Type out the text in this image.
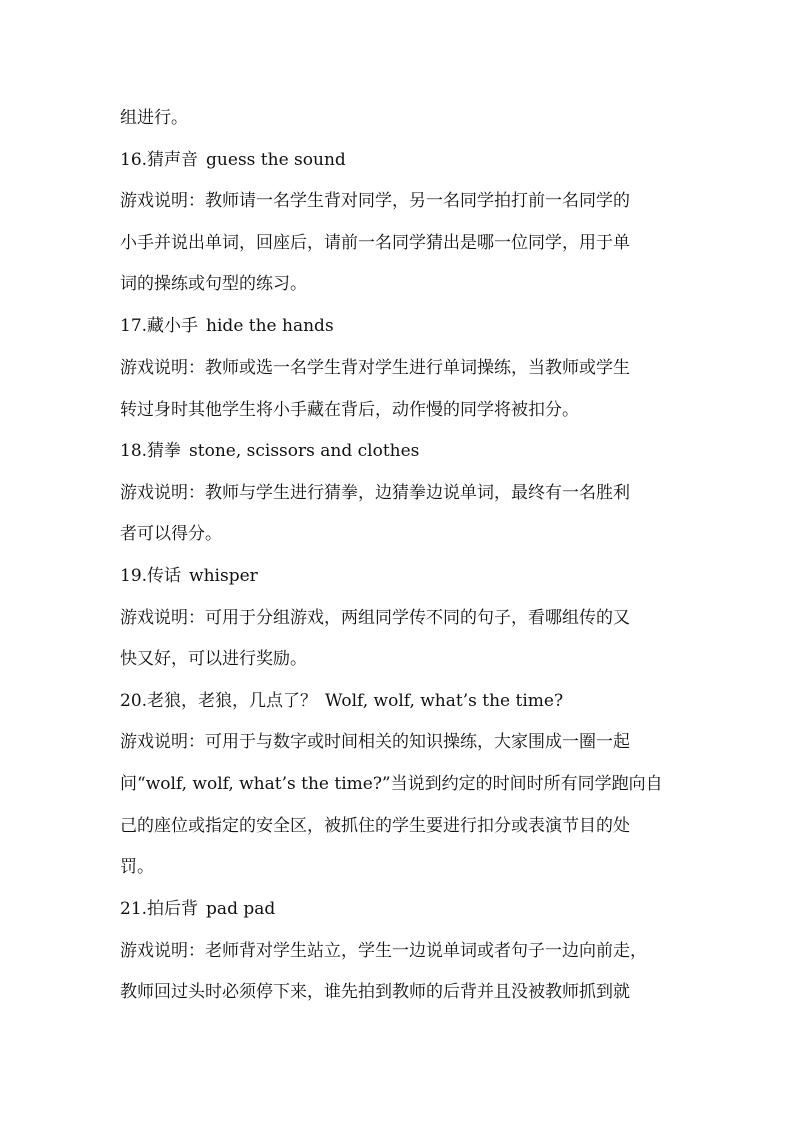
组进行。
16.猜声音 guess the sound
游戏说明：教师请一名学生背对同学，另一名同学拍打前一名同学的
小手并说出单词，回座后，请前一名同学猜出是哪一位同学，用于单
词的操练或句型的练习。
17.藏小手 hide the hands
游戏说明：教师或选一名学生背对学生进行单词操练，当教师或学生
转过身时其他学生将小手藏在背后，动作慢的同学将被扣分。
18.猜拳 stone, scissors and clothes
游戏说明：教师与学生进行猜拳，边猜拳边说单词，最终有一名胜利
者可以得分。
19.传话 whisper
游戏说明：可用于分组游戏，两组同学传不同的句子，看哪组传的又
快又好，可以进行奖励。
20.老狼，老狼，几点了？ Wolf, wolf, what’s the time?
游戏说明：可用于与数字或时间相关的知识操练，大家围成一圈一起
问“wolf, wolf, what’s the time?”当说到约定的时间时所有同学跑向自
己的座位或指定的安全区，被抓住的学生要进行扣分或表演节目的处
罚。
21.拍后背 pad pad
游戏说明：老师背对学生站立，学生一边说单词或者句子一边向前走，
教师回过头时必须停下来，谁先拍到教师的后背并且没被教师抓到就
